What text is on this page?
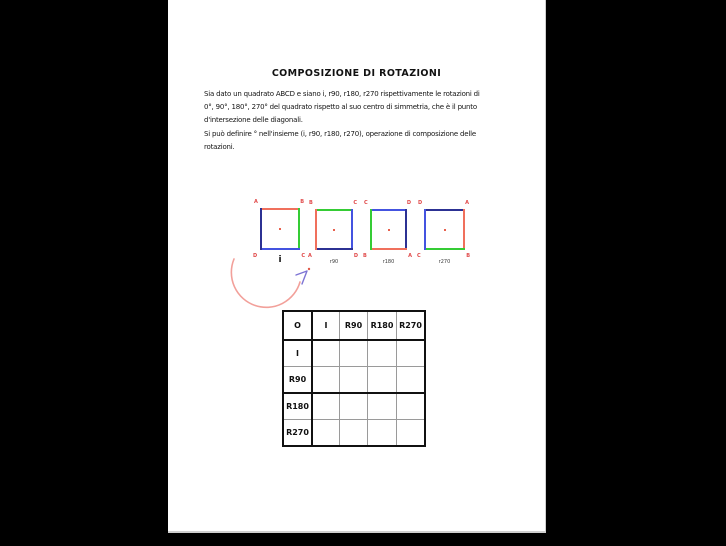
COMPOSIZIONE DI ROTAZIONI
Sia dato un quadrato ABCD e siano i, r90, r180, r270 rispettivamente le rotazioni di
0°, 90°, 180°, 270° del quadrato rispetto al suo centro di simmetria, che è il punto
d'intersezione delle diagonali.
Si può definire ° nell'insieme (i, r90, r180, r270), operazione di composizione delle
rotazioni.
A	B
C
D	i
B	C
D
A
r90
C	D
A
B
r180
D	A
B
C
r270
O	I	R90	R180	R270
I				
R90				
R180				
R270				
